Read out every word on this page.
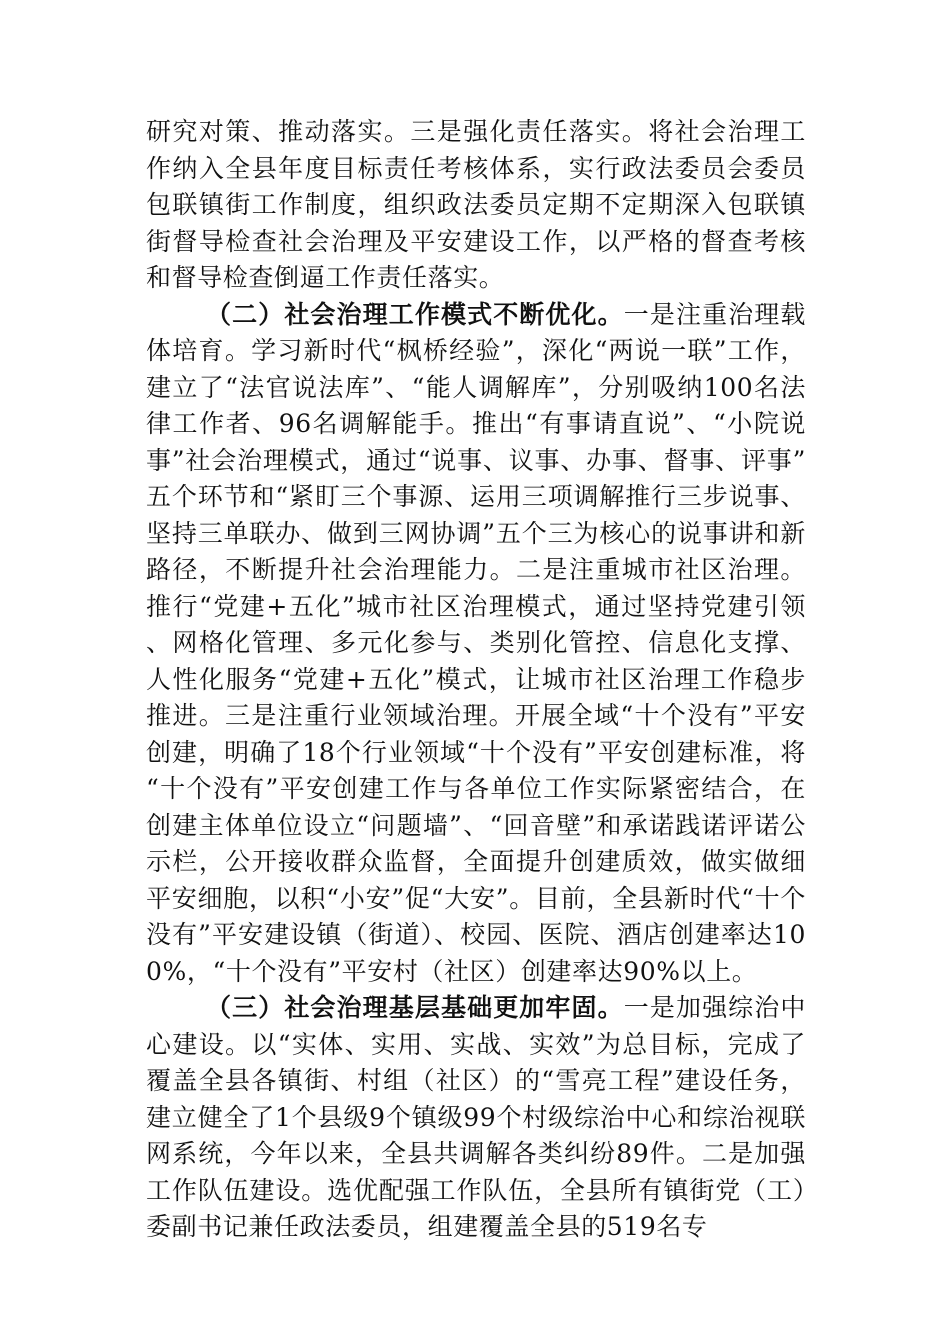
研究对策、推动落实。三是强化责任落实。将社会治理工作纳入全县年度目标责任考核体系，实行政法委员会委员包联镇街工作制度，组织政法委员定期不定期深入包联镇街督导检查社会治理及平安建设工作，以严格的督查考核和督导检查倒逼工作责任落实。

（二）社会治理工作模式不断优化。一是注重治理载体培育。学习新时代“枫桥经验”，深化“两说一联”工作，建立了“法官说法库”、“能人调解库”，分别吸纳100名法律工作者、96名调解能手。推出“有事请直说”、“小院说事”社会治理模式，通过“说事、议事、办事、督事、评事”五个环节和“紧盯三个事源、运用三项调解推行三步说事、坚持三单联办、做到三网协调”五个三为核心的说事讲和新路径，不断提升社会治理能力。二是注重城市社区治理。推行“党建+五化”城市社区治理模式，通过坚持党建引领、网格化管理、多元化参与、类别化管控、信息化支撑、人性化服务“党建+五化”模式，让城市社区治理工作稳步推进。三是注重行业领域治理。开展全域“十个没有”平安创建，明确了18个行业领域“十个没有”平安创建标准，将“十个没有”平安创建工作与各单位工作实际紧密结合，在创建主体单位设立“问题墙”、“回音壁”和承诺践诺评诺公示栏，公开接收群众监督，全面提升创建质效，做实做细平安细胞，以积“小安”促“大安”。目前，全县新时代“十个没有”平安建设镇（街道）、校园、医院、酒店创建率达100%，“十个没有”平安村（社区）创建率达90%以上。

（三）社会治理基层基础更加牢固。一是加强综治中心建设。以“实体、实用、实战、实效”为总目标，完成了覆盖全县各镇街、村组（社区）的“雪亮工程”建设任务，建立健全了1个县级9个镇级99个村级综治中心和综治视联网系统，今年以来，全县共调解各类纠纷89件。二是加强工作队伍建设。选优配强工作队伍，全县所有镇街党（工）委副书记兼任政法委员，组建覆盖全县的519名专
